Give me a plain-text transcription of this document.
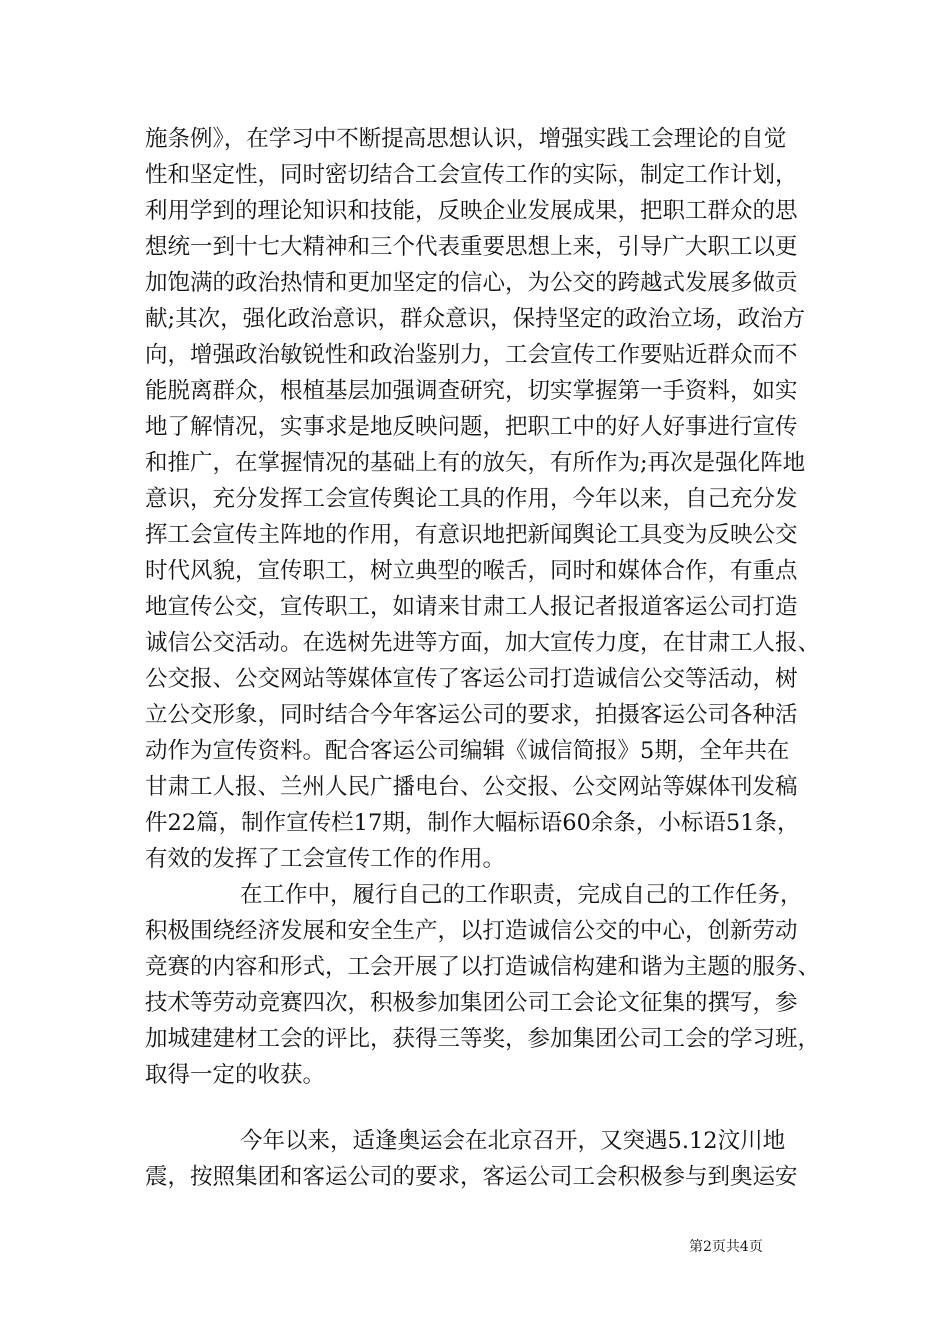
施条例》，在学习中不断提高思想认识，增强实践工会理论的自觉
性和坚定性，同时密切结合工会宣传工作的实际，制定工作计划，
利用学到的理论知识和技能，反映企业发展成果，把职工群众的思
想统一到十七大精神和三个代表重要思想上来，引导广大职工以更
加饱满的政治热情和更加坚定的信心，为公交的跨越式发展多做贡
献;其次，强化政治意识，群众意识，保持坚定的政治立场，政治方
向，增强政治敏锐性和政治鉴别力，工会宣传工作要贴近群众而不
能脱离群众，根植基层加强调查研究，切实掌握第一手资料，如实
地了解情况，实事求是地反映问题，把职工中的好人好事进行宣传
和推广，在掌握情况的基础上有的放矢，有所作为;再次是强化阵地
意识，充分发挥工会宣传舆论工具的作用，今年以来，自己充分发
挥工会宣传主阵地的作用，有意识地把新闻舆论工具变为反映公交
时代风貌，宣传职工，树立典型的喉舌，同时和媒体合作，有重点
地宣传公交，宣传职工，如请来甘肃工人报记者报道客运公司打造
诚信公交活动。在选树先进等方面，加大宣传力度，在甘肃工人报、
公交报、公交网站等媒体宣传了客运公司打造诚信公交等活动，树
立公交形象，同时结合今年客运公司的要求，拍摄客运公司各种活
动作为宣传资料。配合客运公司编辑《诚信简报》5期，全年共在
甘肃工人报、兰州人民广播电台、公交报、公交网站等媒体刊发稿
件22篇，制作宣传栏17期，制作大幅标语60余条，小标语51条，
有效的发挥了工会宣传工作的作用。
在工作中，履行自己的工作职责，完成自己的工作任务，
积极围绕经济发展和安全生产，以打造诚信公交的中心，创新劳动
竞赛的内容和形式，工会开展了以打造诚信构建和谐为主题的服务、
技术等劳动竞赛四次，积极参加集团公司工会论文征集的撰写，参
加城建建材工会的评比，获得三等奖，参加集团公司工会的学习班，
取得一定的收获。
今年以来，适逢奥运会在北京召开，又突遇5.12汶川地
震，按照集团和客运公司的要求，客运公司工会积极参与到奥运安
第2页共4页
